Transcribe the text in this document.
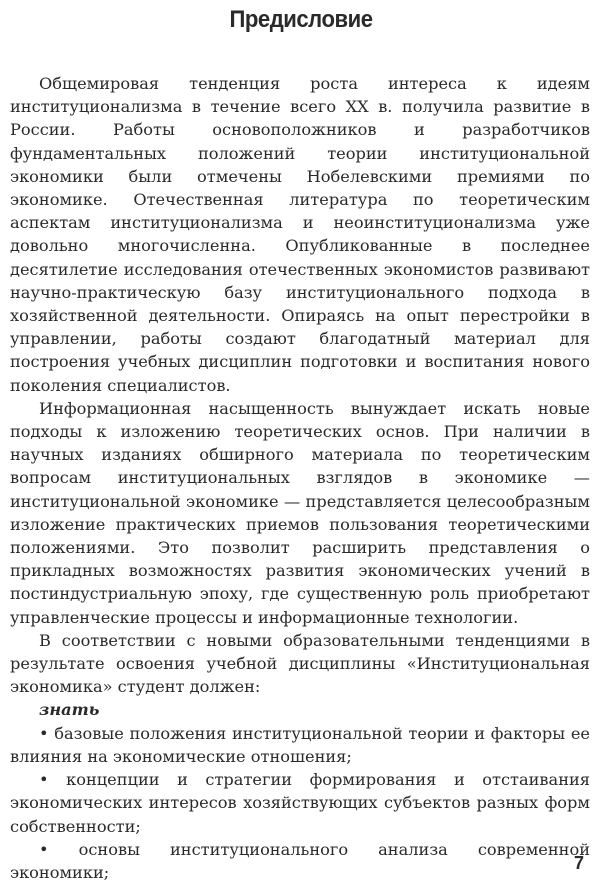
Предисловие

Общемировая тенденция роста интереса к идеям институционализма в течение всего XX в. получила развитие в России. Работы основоположников и разработчиков фундаментальных положений теории институциональной экономики были отмечены Нобелевскими премиями по экономике. Отечественная литература по теоретическим аспектам институционализма и неоинституционализма уже довольно многочисленна. Опубликованные в последнее десятилетие исследования отечественных экономистов развивают научно-практическую базу институционального подхода в хозяйственной деятельности. Опираясь на опыт перестройки в управлении, работы создают благодатный материал для построения учебных дисциплин подготовки и воспитания нового поколения специалистов.

Информационная насыщенность вынуждает искать новые подходы к изложению теоретических основ. При наличии в научных изданиях обширного материала по теоретическим вопросам институциональных взглядов в экономике — институциональной экономике — представляется целесообразным изложение практических приемов пользования теоретическими положениями. Это позволит расширить представления о прикладных возможностях развития экономических учений в постиндустриальную эпоху, где существенную роль приобретают управленческие процессы и информационные технологии.

В соответствии с новыми образовательными тенденциями в результате освоения учебной дисциплины «Институциональная экономика» студент должен:

знать
• базовые положения институциональной теории и факторы ее влияния на экономические отношения;
• концепции и стратегии формирования и отстаивания экономических интересов хозяйствующих субъектов разных форм собственности;
• основы институционального анализа современной экономики;	7
